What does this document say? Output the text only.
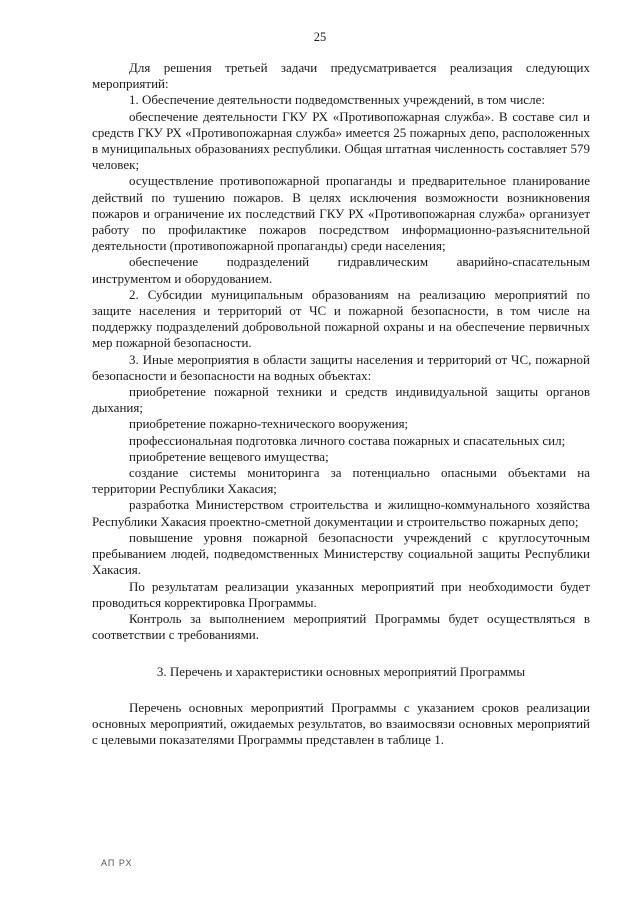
25

Для решения третьей задачи предусматривается реализация следующих мероприятий:

1. Обеспечение деятельности подведомственных учреждений, в том числе:

обеспечение деятельности ГКУ РХ «Противопожарная служба». В составе сил и средств ГКУ РХ «Противопожарная служба» имеется 25 пожарных депо, расположенных в муниципальных образованиях республики. Общая штатная численность составляет 579 человек;

осуществление противопожарной пропаганды и предварительное планирование действий по тушению пожаров. В целях исключения возможности возникновения пожаров и ограничение их последствий ГКУ РХ «Противопожарная служба» организует работу по профилактике пожаров посредством информационно-разъяснительной деятельности (противопожарной пропаганды) среди населения;

обеспечение подразделений гидравлическим аварийно-спасательным инструментом и оборудованием.

2. Субсидии муниципальным образованиям на реализацию мероприятий по защите населения и территорий от ЧС и пожарной безопасности, в том числе на поддержку подразделений добровольной пожарной охраны и на обеспечение первичных мер пожарной безопасности.

3. Иные мероприятия в области защиты населения и территорий от ЧС, пожарной безопасности и безопасности на водных объектах:

приобретение пожарной техники и средств индивидуальной защиты органов дыхания;

приобретение пожарно-технического вооружения;

профессиональная подготовка личного состава пожарных и спасательных сил;

приобретение вещевого имущества;

создание системы мониторинга за потенциально опасными объектами на территории Республики Хакасия;

разработка Министерством строительства и жилищно-коммунального хозяйства Республики Хакасия проектно-сметной документации и строительство пожарных депо;

повышение уровня пожарной безопасности учреждений с круглосуточным пребыванием людей, подведомственных Министерству социальной защиты Республики Хакасия.

По результатам реализации указанных мероприятий при необходимости будет проводиться корректировка Программы.

Контроль за выполнением мероприятий Программы будет осуществляться в соответствии с требованиями.

3. Перечень и характеристики основных мероприятий Программы

Перечень основных мероприятий Программы с указанием сроков реализации основных мероприятий, ожидаемых результатов, во взаимосвязи основных мероприятий с целевыми показателями Программы представлен в таблице 1.

АП РХ
